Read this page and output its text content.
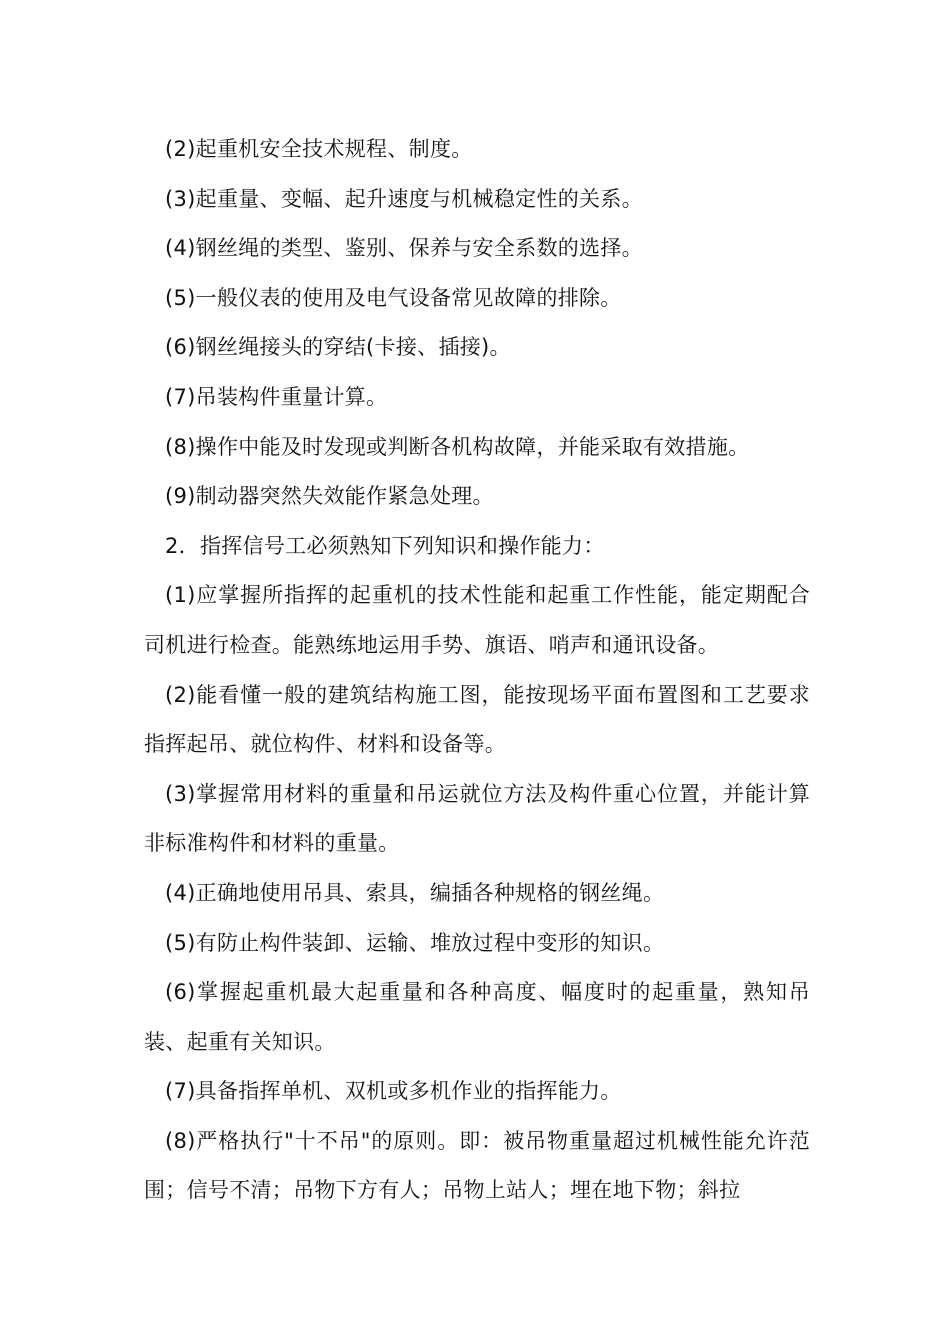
(2)起重机安全技术规程、制度。

(3)起重量、变幅、起升速度与机械稳定性的关系。

(4)钢丝绳的类型、鉴别、保养与安全系数的选择。

(5)一般仪表的使用及电气设备常见故障的排除。

(6)钢丝绳接头的穿结(卡接、插接)。

(7)吊装构件重量计算。

(8)操作中能及时发现或判断各机构故障，并能采取有效措施。

(9)制动器突然失效能作紧急处理。

2．指挥信号工必须熟知下列知识和操作能力：

(1)应掌握所指挥的起重机的技术性能和起重工作性能，能定期配合司机进行检查。能熟练地运用手势、旗语、哨声和通讯设备。

(2)能看懂一般的建筑结构施工图，能按现场平面布置图和工艺要求指挥起吊、就位构件、材料和设备等。

(3)掌握常用材料的重量和吊运就位方法及构件重心位置，并能计算非标准构件和材料的重量。

(4)正确地使用吊具、索具，编插各种规格的钢丝绳。

(5)有防止构件装卸、运输、堆放过程中变形的知识。

(6)掌握起重机最大起重量和各种高度、幅度时的起重量，熟知吊装、起重有关知识。

(7)具备指挥单机、双机或多机作业的指挥能力。

(8)严格执行"十不吊"的原则。即：被吊物重量超过机械性能允许范围；信号不清；吊物下方有人；吊物上站人；埋在地下物；斜拉
